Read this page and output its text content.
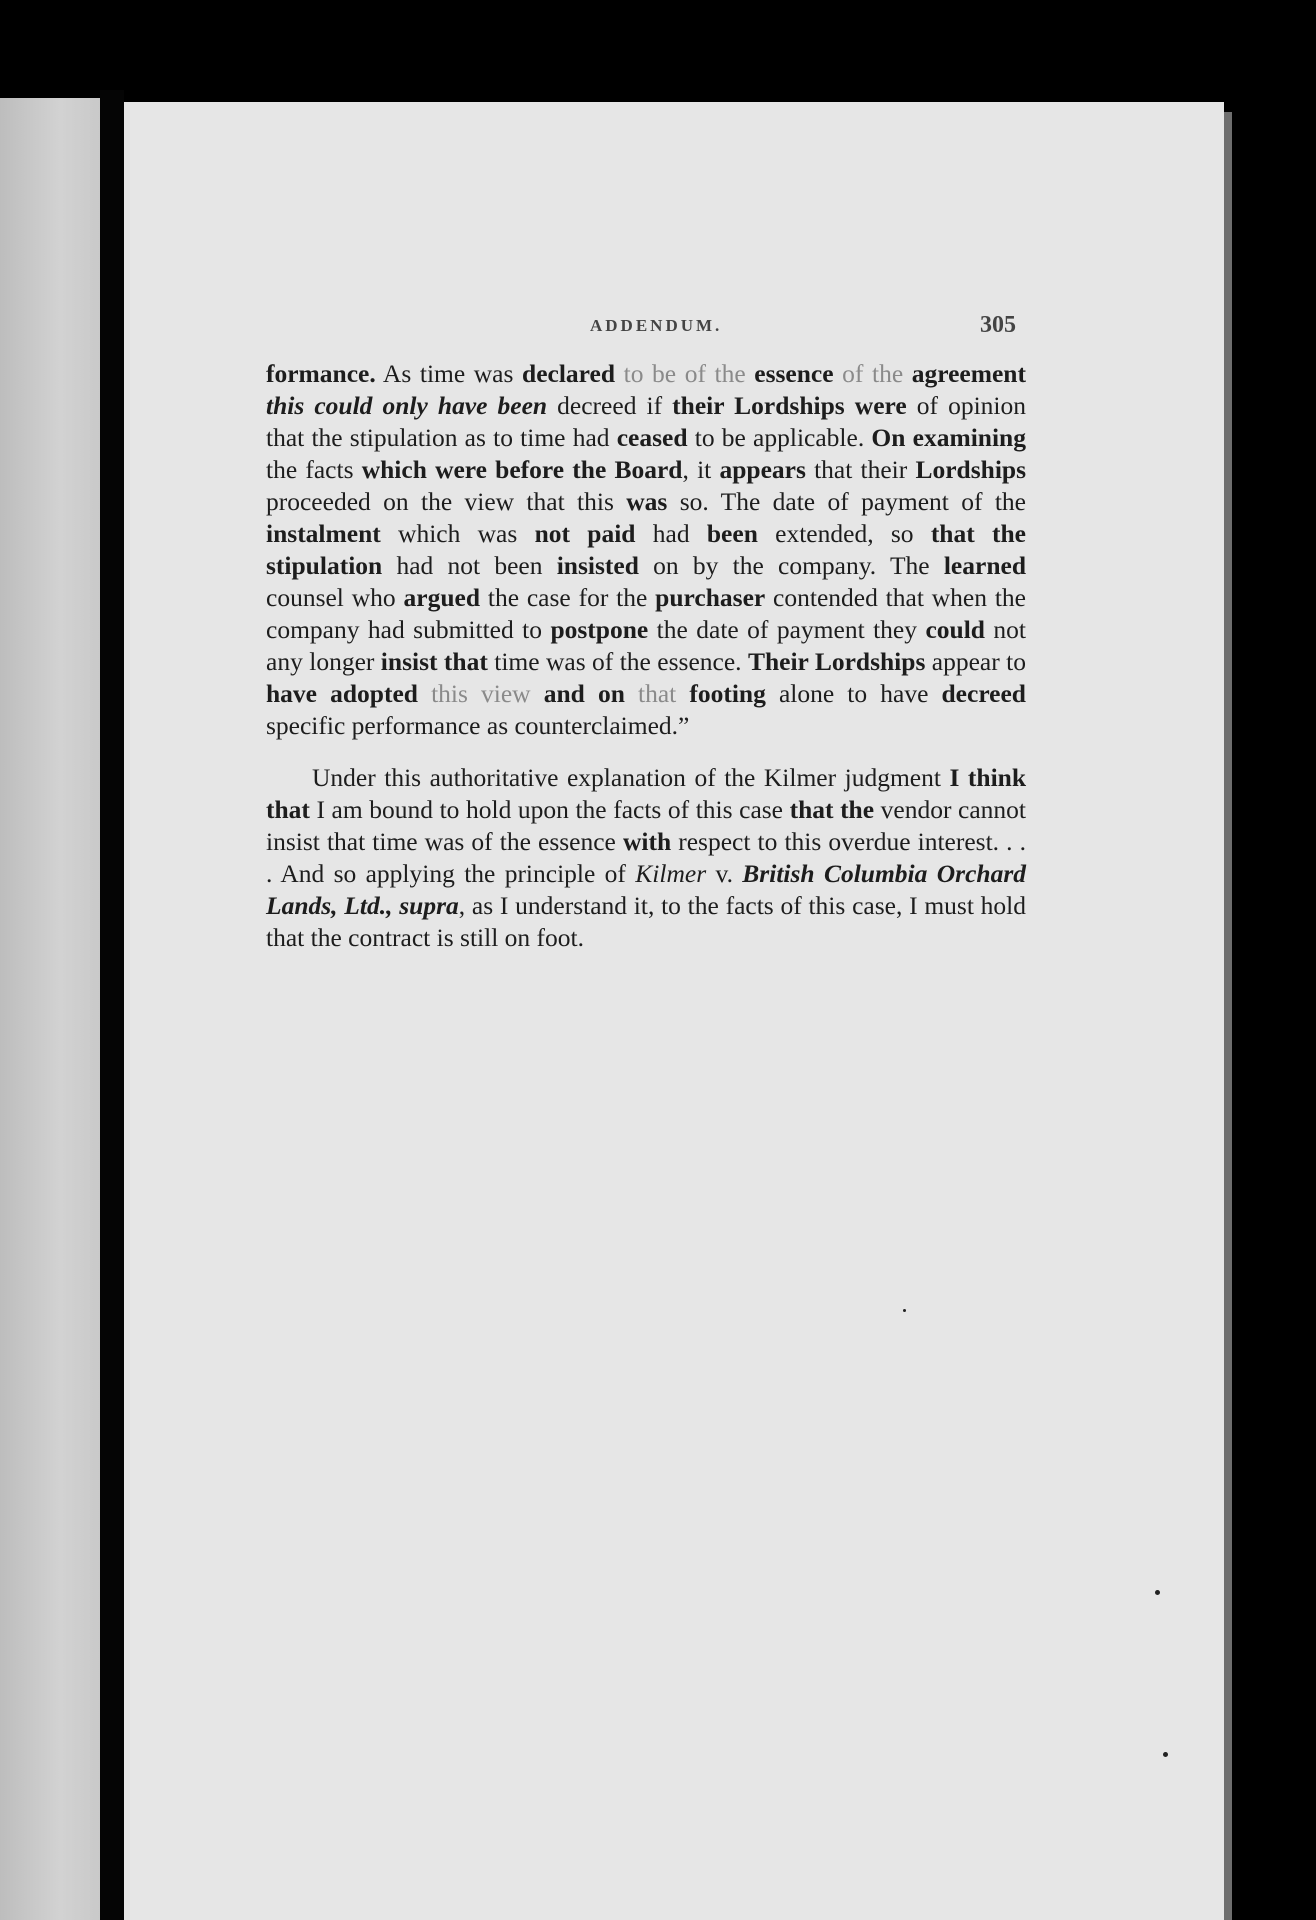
ADDENDUM.	305

formance. As time was declared to be of the essence of the agreement this could only have been decreed if their Lordships were of opinion that the stipulation as to time had ceased to be applicable. On examining the facts which were before the Board, it appears that their Lordships proceeded on the view that this was so. The date of payment of the instalment which was not paid had been extended, so that the stipulation had not been insisted on by the company. The learned counsel who argued the case for the purchaser contended that when the company had submitted to postpone the date of payment they could not any longer insist that time was of the essence. Their Lordships appear to have adopted this view and on that footing alone to have decreed specific performance as counterclaimed.”

Under this authoritative explanation of the Kilmer judgment I think that I am bound to hold upon the facts of this case that the vendor cannot insist that time was of the essence with respect to this overdue interest. . . . And so applying the principle of Kilmer v. British Columbia Orchard Lands, Ltd., supra, as I understand it, to the facts of this case, I must hold that the contract is still on foot.
